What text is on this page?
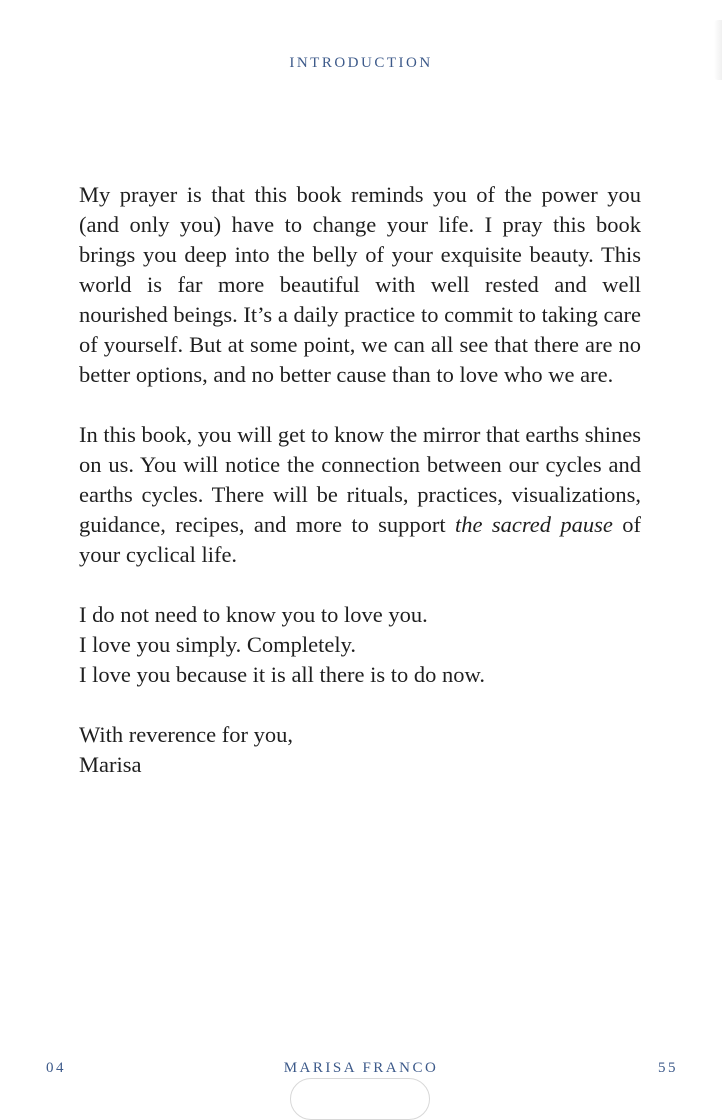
INTRODUCTION

My prayer is that this book reminds you of the power you (and only you) have to change your life. I pray this book brings you deep into the belly of your exquisite beauty. This world is far more beautiful with well rested and well nourished beings. It’s a daily practice to commit to taking care of yourself. But at some point, we can all see that there are no better options, and no better cause than to love who we are.

In this book, you will get to know the mirror that earths shines on us. You will notice the connection between our cycles and earths cycles. There will be rituals, practices, visualizations, guidance, recipes, and more to support the sacred pause of your cyclical life.

I do not need to know you to love you.
I love you simply. Completely.
I love you because it is all there is to do now.

With reverence for you,
Marisa

04	MARISA FRANCO	55
